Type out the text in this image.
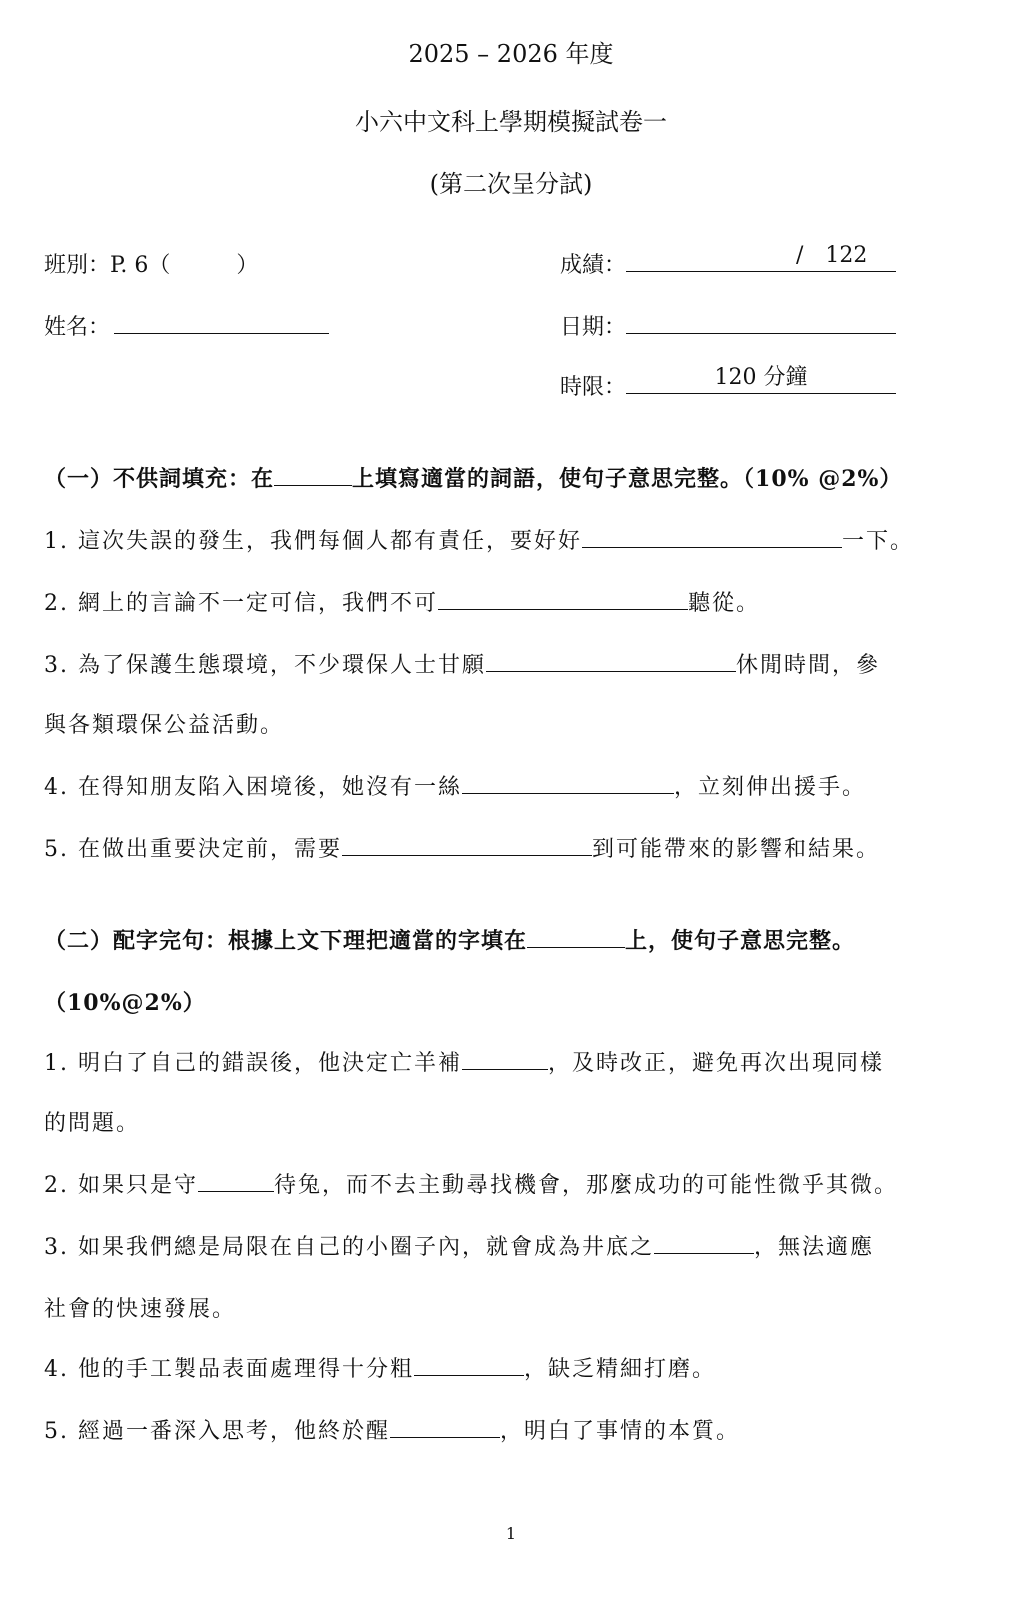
2025 – 2026 年度
小六中文科上學期模擬試卷一
(第二次呈分試)
班別：P. 6（　　　）	成績：	/　122
姓名：	日期：
時限：	120 分鐘
（一）不供詞填充：在	上填寫適當的詞語，使句子意思完整。（10% @2%）
1. 這次失誤的發生，我們每個人都有責任，要好好	一下。
2. 網上的言論不一定可信，我們不可	聽從。
3. 為了保護生態環境，不少環保人士甘願	休閒時間，參
與各類環保公益活動。
4. 在得知朋友陷入困境後，她沒有一絲	，立刻伸出援手。
5. 在做出重要決定前，需要	到可能帶來的影響和結果。
（二）配字完句：根據上文下理把適當的字填在	上，使句子意思完整。
（10%@2%）
1. 明白了自己的錯誤後，他決定亡羊補	，及時改正，避免再次出現同樣
的問題。
2. 如果只是守	待兔，而不去主動尋找機會，那麼成功的可能性微乎其微。
3. 如果我們總是局限在自己的小圈子內，就會成為井底之	，無法適應
社會的快速發展。
4. 他的手工製品表面處理得十分粗	，缺乏精細打磨。
5. 經過一番深入思考，他終於醒	，明白了事情的本質。
1
